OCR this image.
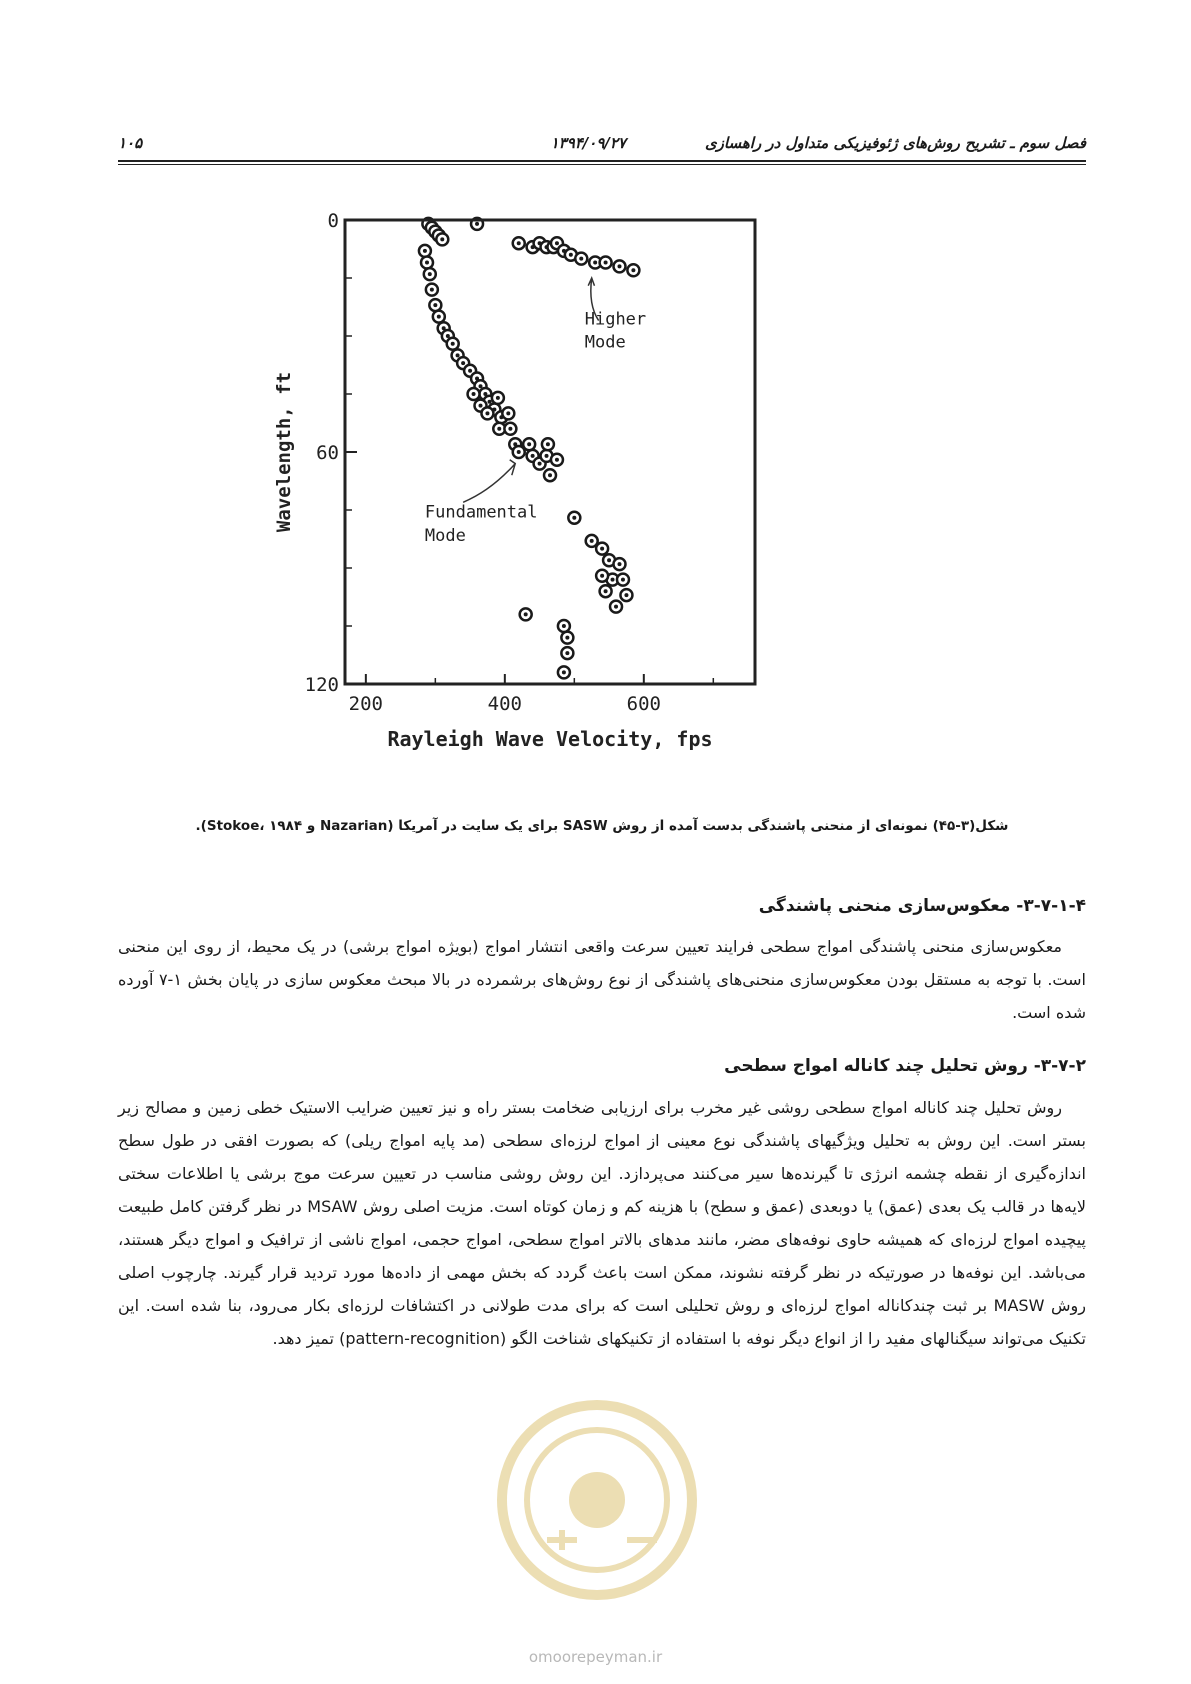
فصل سوم ـ تشریح روش‌های ژئوفیزیکی متداول در راهسازی
۱۳۹۴/۰۹/۲۷
۱۰۵
200	400	600
0
60
120
Wavelength, ft
Rayleigh Wave Velocity, fps
Higher
Mode
Fundamental
Mode
شکل(۳-۴۵) نمونه‌ای از منحنی پاشندگی بدست آمده از روش SASW برای یک سایت در آمریکا (Nazarian و Stokoe، ۱۹۸۴).
۳-۷-۱-۴- معکوس‌سازی منحنی پاشندگی
معکوس‌سازی منحنی پاشندگی امواج سطحی فرایند تعیین سرعت واقعی انتشار امواج (بویژه امواج برشی) در یک محیط، از روی این منحنی است. با توجه به مستقل بودن معکوس‌سازی منحنی‌های پاشندگی از نوع روش‌های برشمرده در بالا مبحث معکوس سازی در پایان بخش ۱-۷ آورده شده است.
۳-۷-۲- روش تحلیل چند کاناله امواج سطحی
روش تحلیل چند کاناله امواج سطحی روشی غیر مخرب برای ارزیابی ضخامت بستر راه و نیز تعیین ضرایب الاستیک خطی زمین و مصالح زیر بستر است. این روش به تحلیل ویژگیهای پاشندگی نوع معینی از امواج لرزه‌ای سطحی (مد پایه امواج ریلی) که بصورت افقی در طول سطح اندازه‌گیری از نقطه چشمه انرژی تا گیرنده‌ها سیر می‌کنند می‌پردازد. این روش روشی مناسب در تعیین سرعت موج برشی یا اطلاعات سختی لایه‌ها در قالب یک بعدی (عمق) یا دوبعدی (عمق و سطح) با هزینه کم و زمان کوتاه است. مزیت اصلی روش MSAW در نظر گرفتن کامل طبیعت پیچیده امواج لرزه‌ای که همیشه حاوی نوفه‌های مضر، مانند مدهای بالاتر امواج سطحی، امواج حجمی، امواج ناشی از ترافیک و امواج دیگر هستند، می‌باشد. این نوفه‌ها در صورتیکه در نظر گرفته نشوند، ممکن است باعث گردد که بخش مهمی از داده‌ها مورد تردید قرار گیرند. چارچوب اصلی روش MASW بر ثبت چندکاناله امواج لرزه‌ای و روش تحلیلی است که برای مدت طولانی در اکتشافات لرزه‌ای بکار می‌رود، بنا شده است. این تکنیک می‌تواند سیگنالهای مفید را از انواع دیگر نوفه با استفاده از تکنیکهای شناخت الگو (pattern-recognition) تمیز دهد.
omoorepeyman.ir
